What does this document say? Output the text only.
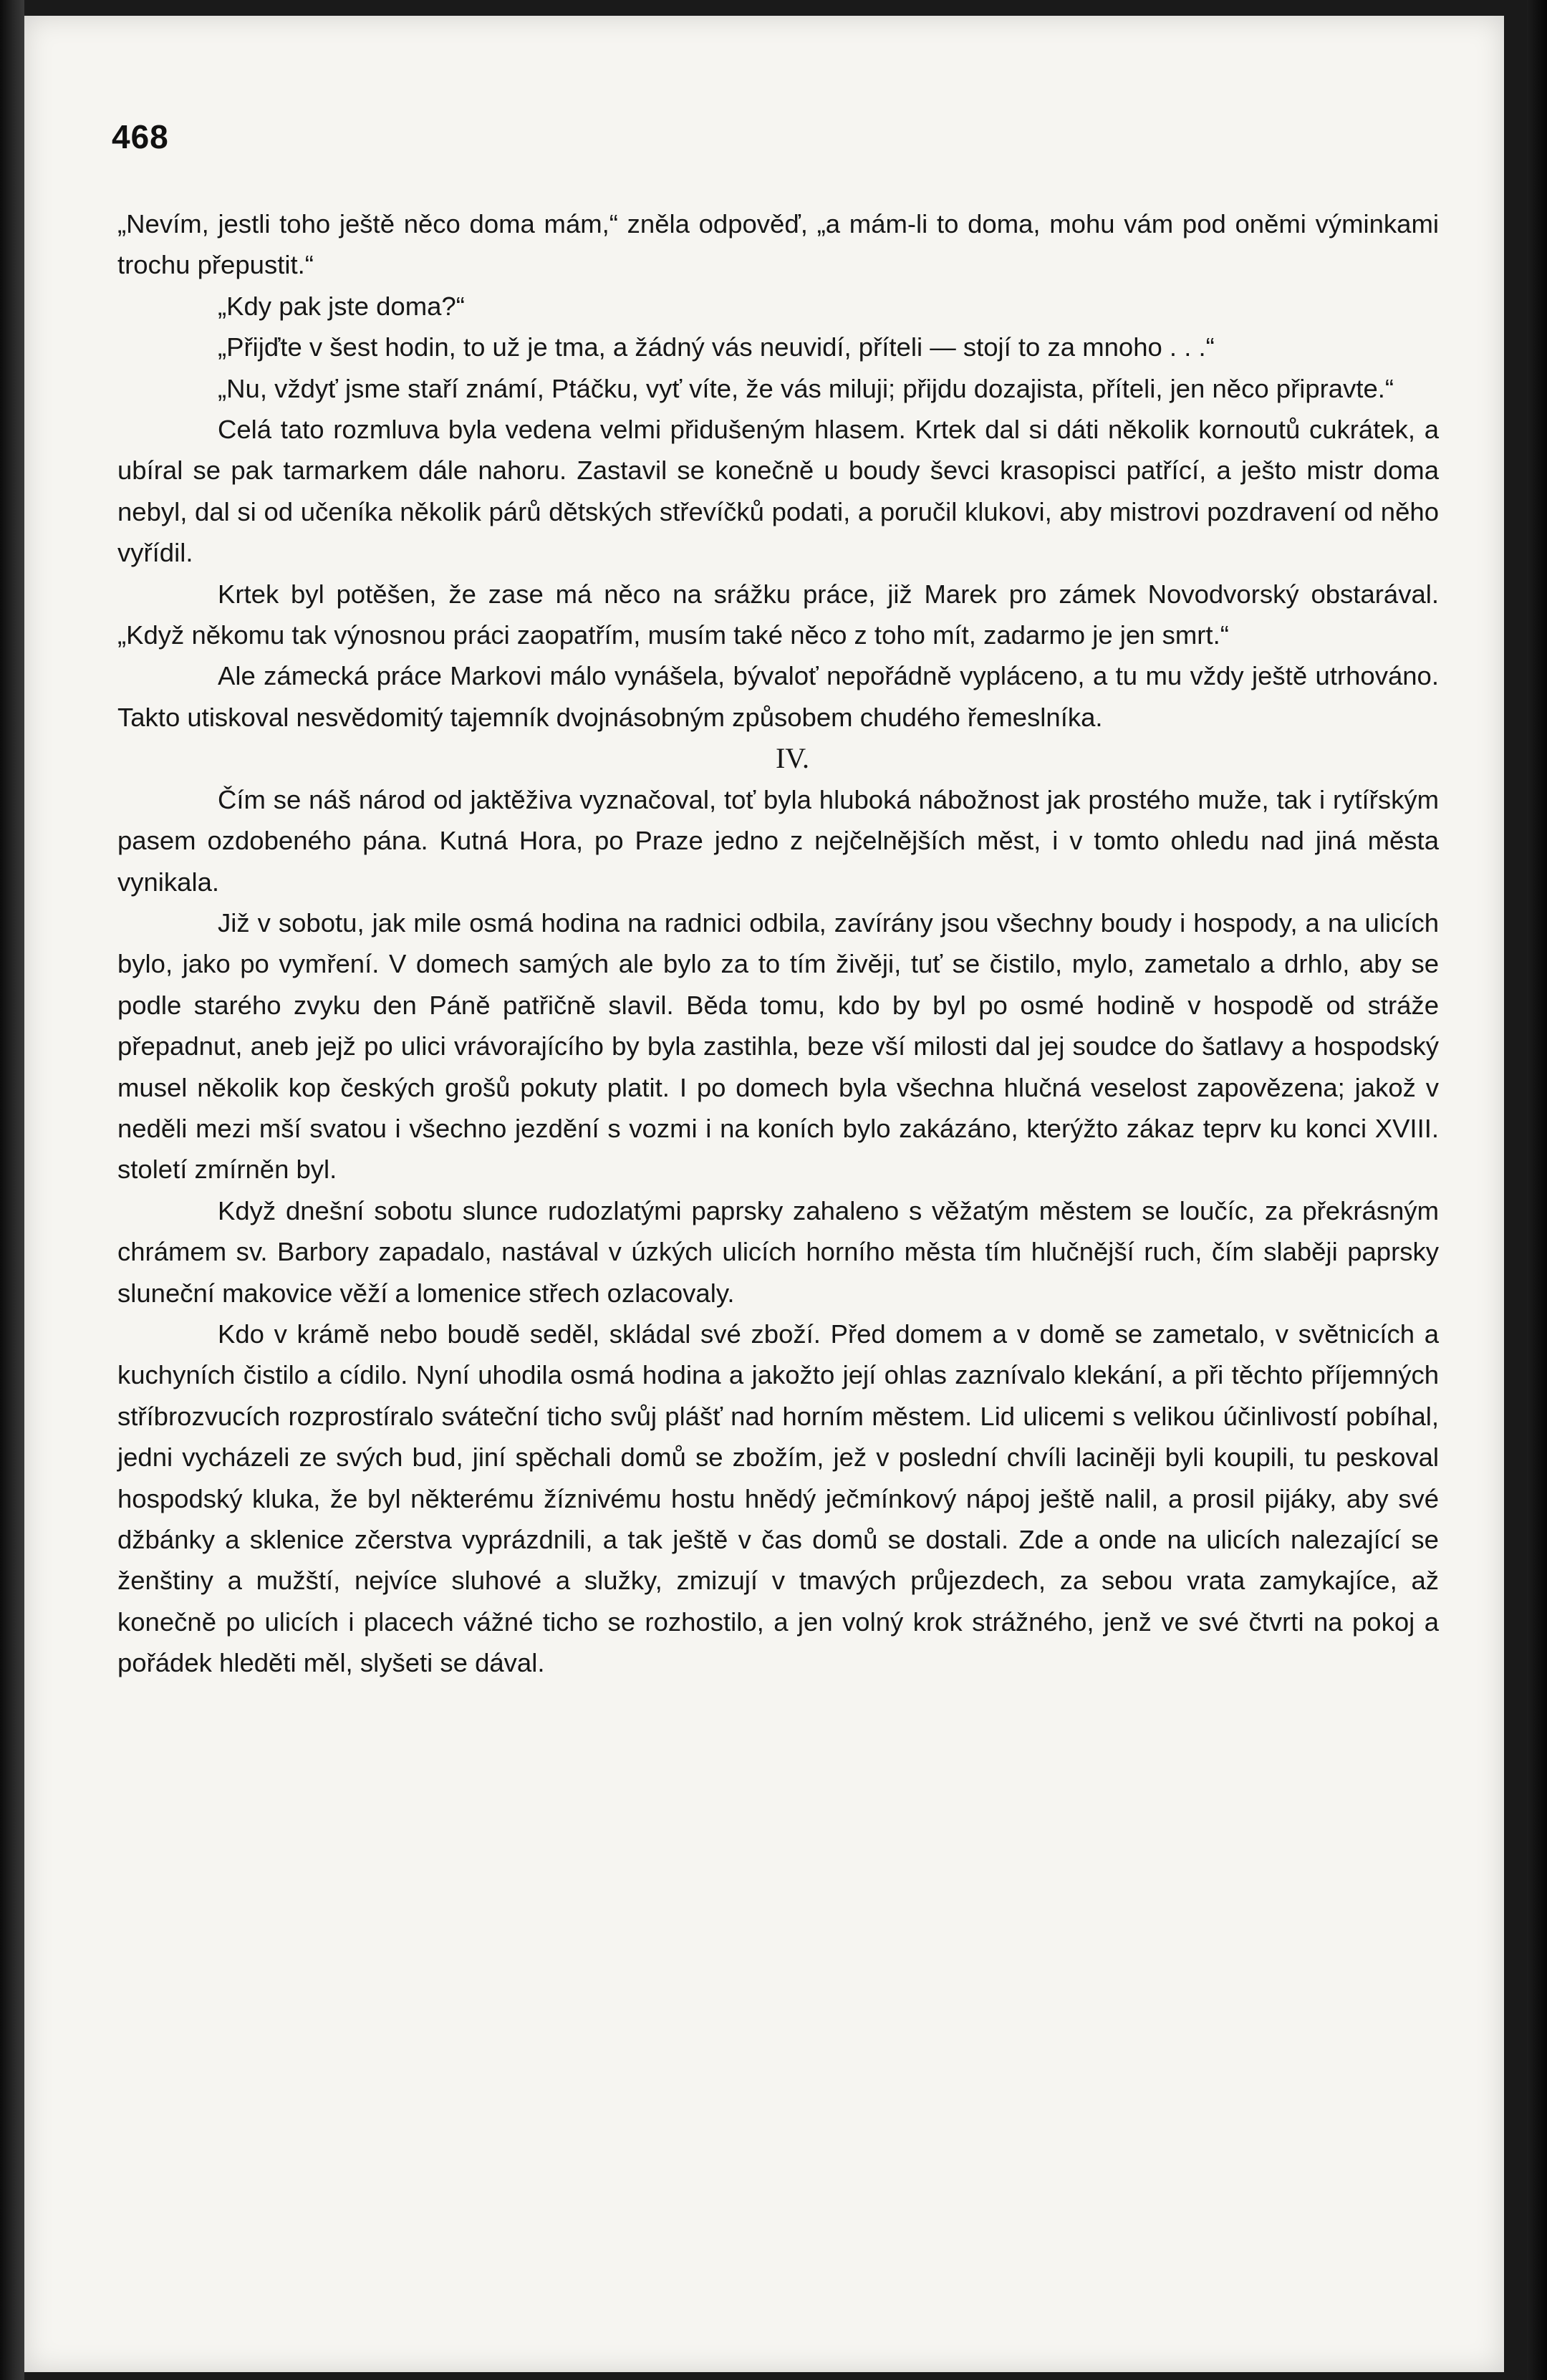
468

„Nevím, jestli toho ještě něco doma mám,“ zněla odpověď, „a mám-li to doma, mohu vám pod oněmi výminkami trochu přepustit.“

„Kdy pak jste doma?“

„Přijďte v šest hodin, to už je tma, a žádný vás neuvidí, příteli — stojí to za mnoho . . .“

„Nu, vždyť jsme staří známí, Ptáčku, vyť víte, že vás miluji; přijdu dozajista, příteli, jen něco připravte.“

Celá tato rozmluva byla vedena velmi přidušeným hlasem. Krtek dal si dáti několik kornoutů cukrátek, a ubíral se pak tarmarkem dále nahoru. Zastavil se konečně u boudy ševci krasopisci patřící, a ješto mistr doma nebyl, dal si od učeníka několik párů dětských střevíčků podati, a poručil klukovi, aby mistrovi pozdravení od něho vyřídil.

Krtek byl potěšen, že zase má něco na srážku práce, již Marek pro zámek Novodvorský obstarával. „Když někomu tak výnosnou práci zaopatřím, musím také něco z toho mít, zadarmo je jen smrt.“

Ale zámecká práce Markovi málo vynášela, bývaloť nepořádně vypláceno, a tu mu vždy ještě utrhováno. Takto utiskoval nesvědomitý tajemník dvojnásobným způsobem chudého řemeslníka.

IV.

Čím se náš národ od jaktěživa vyznačoval, toť byla hluboká nábožnost jak prostého muže, tak i rytířským pasem ozdobeného pána. Kutná Hora, po Praze jedno z nejčelnějších měst, i v tomto ohledu nad jiná města vynikala.

Již v sobotu, jak mile osmá hodina na radnici odbila, zavírány jsou všechny boudy i hospody, a na ulicích bylo, jako po vymření. V domech samých ale bylo za to tím živěji, tuť se čistilo, mylo, zametalo a drhlo, aby se podle starého zvyku den Páně patřičně slavil. Běda tomu, kdo by byl po osmé hodině v hospodě od stráže přepadnut, aneb jejž po ulici vrávorajícího by byla zastihla, beze vší milosti dal jej soudce do šatlavy a hospodský musel několik kop českých grošů pokuty platit. I po domech byla všechna hlučná veselost zapovězena; jakož v neděli mezi mší svatou i všechno jezdění s vozmi i na koních bylo zakázáno, kterýžto zákaz teprv ku konci XVIII. století zmírněn byl.

Když dnešní sobotu slunce rudozlatými paprsky zahaleno s věžatým městem se loučíc, za překrásným chrámem sv. Barbory zapadalo, nastával v úzkých ulicích horního města tím hlučnější ruch, čím slaběji paprsky sluneční makovice věží a lomenice střech ozlacovaly.

Kdo v krámě nebo boudě seděl, skládal své zboží. Před domem a v domě se zametalo, v světnicích a kuchyních čistilo a cídilo. Nyní uhodila osmá hodina a jakožto její ohlas zaznívalo klekání, a při těchto příjemných stříbrozvucích rozprostíralo sváteční ticho svůj plášť nad horním městem. Lid ulicemi s velikou účinlivostí pobíhal, jedni vycházeli ze svých bud, jiní spěchali domů se zbožím, jež v poslední chvíli laciněji byli koupili, tu peskoval hospodský kluka, že byl některému žíznivému hostu hnědý ječmínkový nápoj ještě nalil, a prosil pijáky, aby své džbánky a sklenice zčerstva vyprázdnili, a tak ještě v čas domů se dostali. Zde a onde na ulicích nalezající se ženštiny a mužští, nejvíce sluhové a služky, zmizují v tmavých průjezdech, za sebou vrata zamykajíce, až konečně po ulicích i placech vážné ticho se rozhostilo, a jen volný krok strážného, jenž ve své čtvrti na pokoj a pořádek hleděti měl, slyšeti se dával.
